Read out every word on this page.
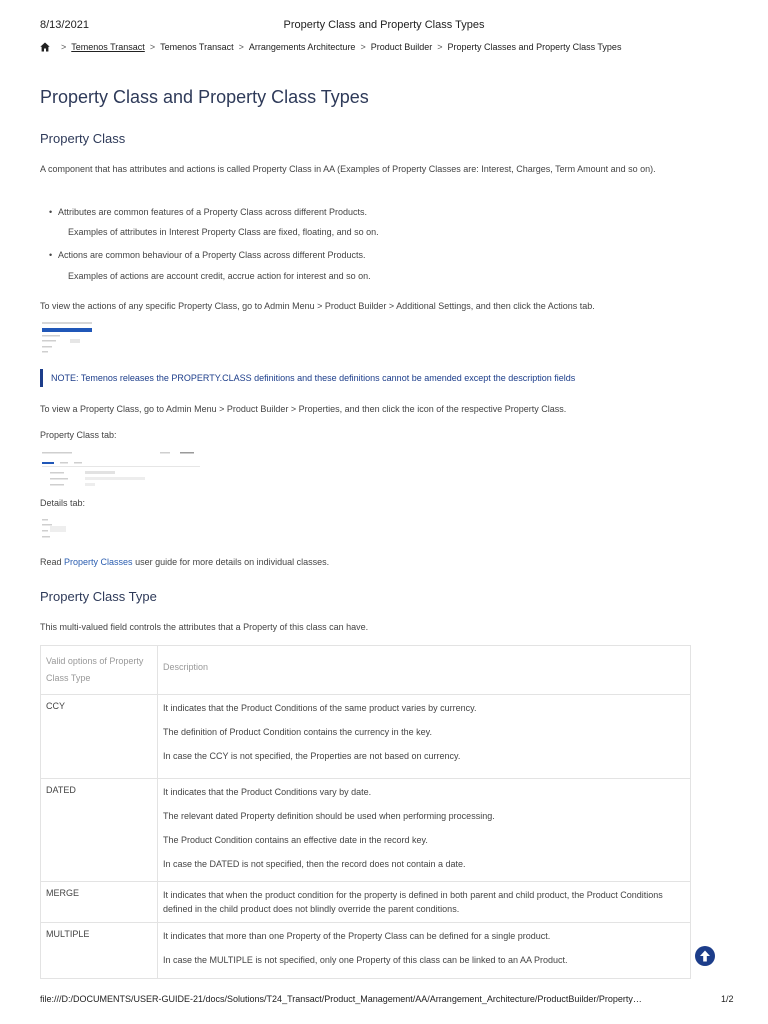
8/13/2021	Property Class and Property Class Types
> Temenos Transact > Temenos Transact > Arrangements Architecture > Product Builder > Property Classes and Property Class Types
Property Class and Property Class Types
Property Class
A component that has attributes and actions is called Property Class in AA (Examples of Property Classes are: Interest, Charges, Term Amount and so on).
• Attributes are common features of a Property Class across different Products.
Examples of attributes in Interest Property Class are fixed, floating, and so on.
• Actions are common behaviour of a Property Class across different Products.
Examples of actions are account credit, accrue action for interest and so on.
To view the actions of any specific Property Class, go to Admin Menu > Product Builder > Additional Settings, and then click the Actions tab.
NOTE: Temenos releases the PROPERTY.CLASS definitions and these definitions cannot be amended except the description fields
To view a Property Class, go to Admin Menu > Product Builder > Properties, and then click the icon of the respective Property Class.
Property Class tab:
Details tab:
Read Property Classes user guide for more details on individual classes.
Property Class Type
This multi-valued field controls the attributes that a Property of this class can have.
Valid options of Property Class Type	Description
CCY	It indicates that the Product Conditions of the same product varies by currency.

The definition of Product Condition contains the currency in the key.

In case the CCY is not specified, the Properties are not based on currency.

DATED	It indicates that the Product Conditions vary by date.

The relevant dated Property definition should be used when performing processing.

The Product Condition contains an effective date in the record key.

In case the DATED is not specified, then the record does not contain a date.

MERGE	It indicates that when the product condition for the property is defined in both parent and child product, the Product Conditions defined in the child product does not blindly override the parent conditions.

MULTIPLE	It indicates that more than one Property of the Property Class can be defined for a single product.

In case the MULTIPLE is not specified, only one Property of this class can be linked to an AA Product.

file:///D:/DOCUMENTS/USER-GUIDE-21/docs/Solutions/T24_Transact/Product_Management/AA/Arrangement_Architecture/ProductBuilder/Property…	1/2
